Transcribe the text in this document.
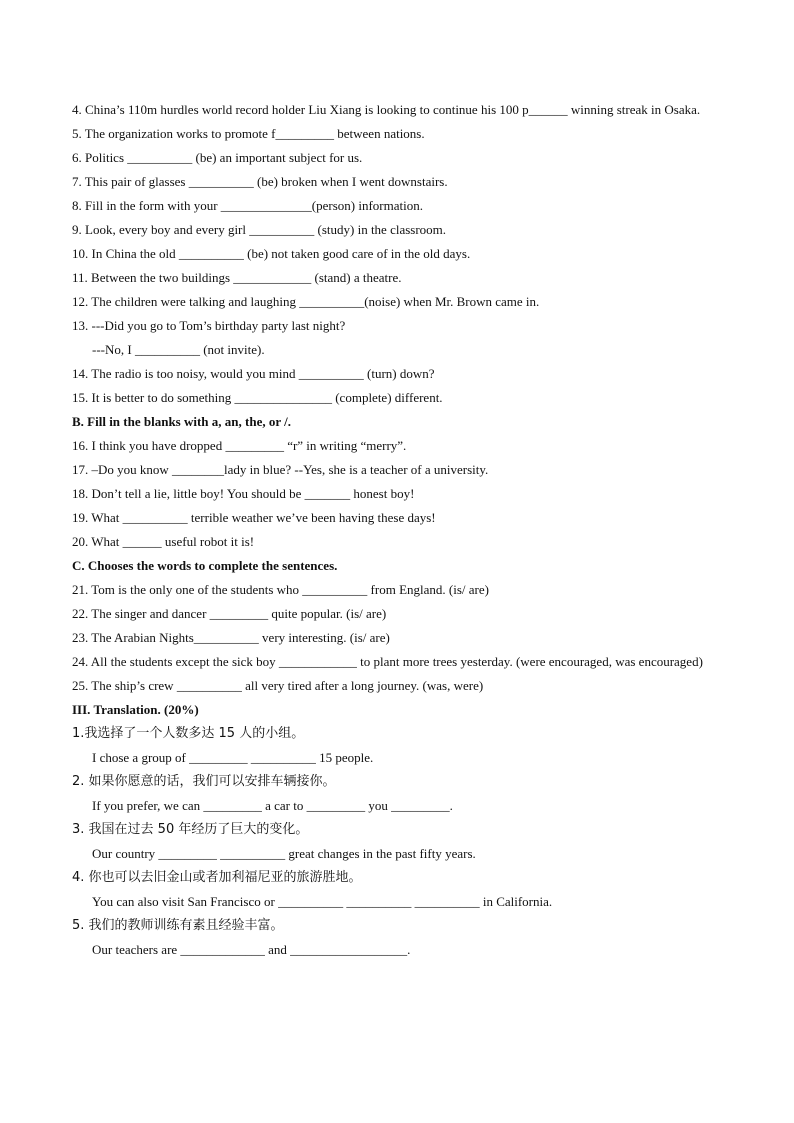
4. China’s 110m hurdles world record holder Liu Xiang is looking to continue his 100 p______ winning streak in Osaka.
5. The organization works to promote f_________ between nations.
6. Politics __________ (be) an important subject for us.
7. This pair of glasses __________ (be) broken when I went downstairs.
8. Fill in the form with your ______________(person) information.
9. Look, every boy and every girl __________ (study) in the classroom.
10. In China the old __________ (be) not taken good care of in the old days.
11. Between the two buildings ____________ (stand) a theatre.
12. The children were talking and laughing __________(noise) when Mr. Brown came in.
13. ---Did you go to Tom’s birthday party last night?
---No, I __________ (not invite).
14. The radio is too noisy, would you mind __________ (turn) down?
15. It is better to do something _______________ (complete) different.
B. Fill in the blanks with a, an, the, or /.
16. I think you have dropped _________ “r” in writing “merry”.
17. –Do you know ________lady in blue? --Yes, she is a teacher of a university.
18. Don’t tell a lie, little boy! You should be _______ honest boy!
19. What __________ terrible weather we’ve been having these days!
20. What ______ useful robot it is!
C. Chooses the words to complete the sentences.
21. Tom is the only one of the students who __________ from England. (is/ are)
22. The singer and dancer _________ quite popular. (is/ are)
23. The Arabian Nights__________ very interesting. (is/ are)
24. All the students except the sick boy ____________ to plant more trees yesterday. (were encouraged, was encouraged)
25. The ship’s crew __________ all very tired after a long journey. (was, were)
III. Translation. (20%)
1.我选择了一个人数多达 15 人的小组。
I chose a group of _________ __________ 15 people.
2. 如果你愿意的话，我们可以安排车辆接你。
If you prefer, we can _________ a car to _________ you _________.
3. 我国在过去 50 年经历了巨大的变化。
Our country _________ __________ great changes in the past fifty years.
4. 你也可以去旧金山或者加利福尼亚的旅游胜地。
You can also visit San Francisco or __________ __________ __________ in California.
5. 我们的教师训练有素且经验丰富。
Our teachers are _____________ and __________________.
